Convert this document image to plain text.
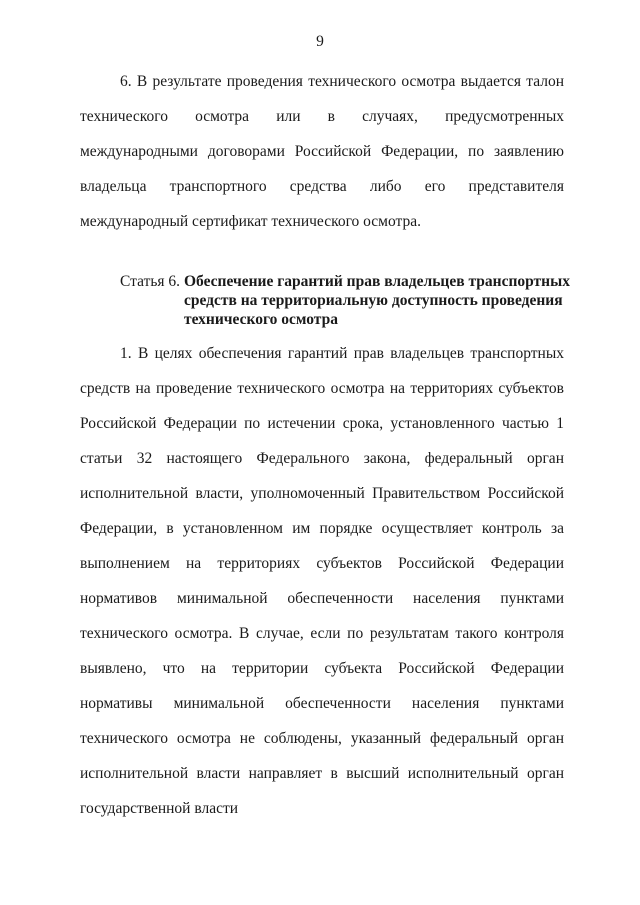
9

6. В результате проведения технического осмотра выдается талон технического осмотра или в случаях, предусмотренных международными договорами Российской Федерации, по заявлению владельца транспортного средства либо его представителя международный сертификат технического осмотра.

Статья 6. Обеспечение гарантий прав владельцев транспортных средств на территориальную доступность проведения технического осмотра

1. В целях обеспечения гарантий прав владельцев транспортных средств на проведение технического осмотра на территориях субъектов Российской Федерации по истечении срока, установленного частью 1 статьи 32 настоящего Федерального закона, федеральный орган исполнительной власти, уполномоченный Правительством Российской Федерации, в установленном им порядке осуществляет контроль за выполнением на территориях субъектов Российской Федерации нормативов минимальной обеспеченности населения пунктами технического осмотра. В случае, если по результатам такого контроля выявлено, что на территории субъекта Российской Федерации нормативы минимальной обеспеченности населения пунктами технического осмотра не соблюдены, указанный федеральный орган исполнительной власти направляет в высший исполнительный орган государственной власти
